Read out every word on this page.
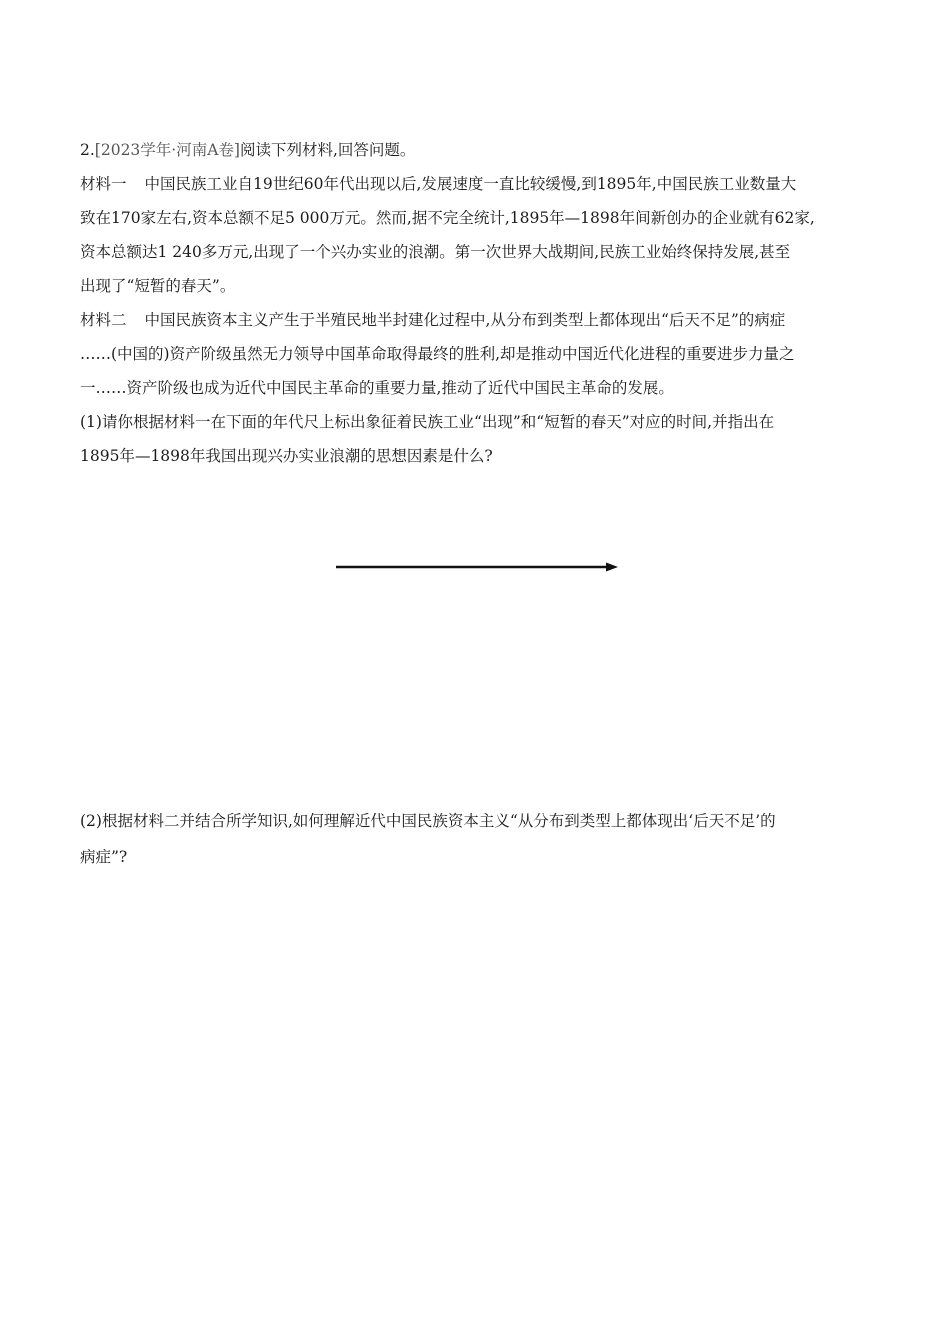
2.[2023学年·河南A卷]阅读下列材料,回答问题。
材料一 中国民族工业自19世纪60年代出现以后,发展速度一直比较缓慢,到1895年,中国民族工业数量大
致在170家左右,资本总额不足5 000万元。然而,据不完全统计,1895年—1898年间新创办的企业就有62家,
资本总额达1 240多万元,出现了一个兴办实业的浪潮。第一次世界大战期间,民族工业始终保持发展,甚至
出现了“短暂的春天”。
材料二 中国民族资本主义产生于半殖民地半封建化过程中,从分布到类型上都体现出“后天不足”的病症
……(中国的)资产阶级虽然无力领导中国革命取得最终的胜利,却是推动中国近代化进程的重要进步力量之
一……资产阶级也成为近代中国民主革命的重要力量,推动了近代中国民主革命的发展。
(1)请你根据材料一在下面的年代尺上标出象征着民族工业“出现”和“短暂的春天”对应的时间,并指出在
1895年—1898年我国出现兴办实业浪潮的思想因素是什么?
(2)根据材料二并结合所学知识,如何理解近代中国民族资本主义“从分布到类型上都体现出‘后天不足’的
病症”?
